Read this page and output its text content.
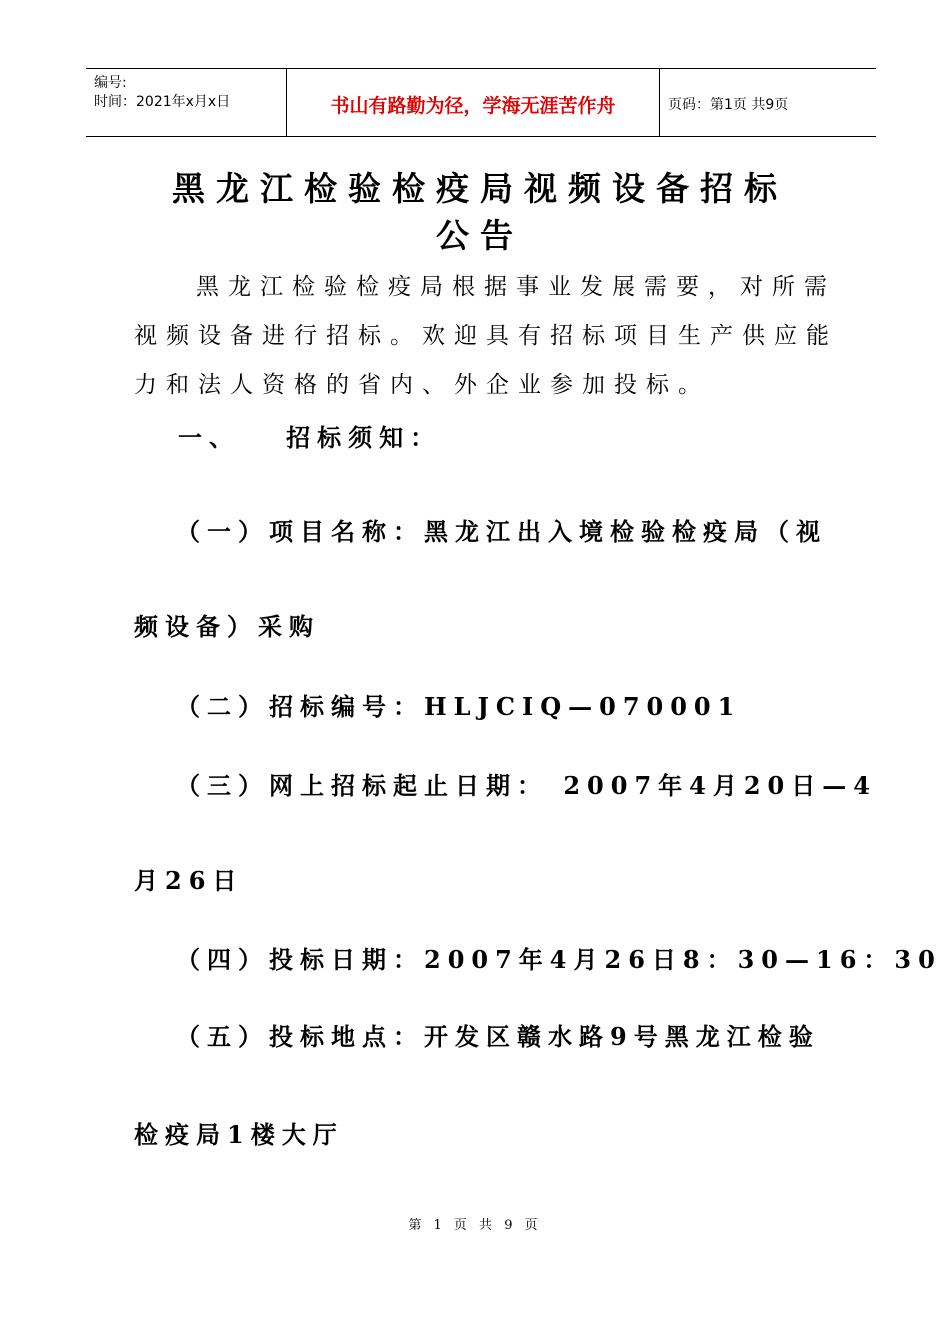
编号:
时间：2021年x月x日	书山有路勤为径，学海无涯苦作舟	页码：第1页 共9页
黑龙江检验检疫局视频设备招标
公告
黑龙江检验检疫局根据事业发展需要，对所需
视频设备进行招标。欢迎具有招标项目生产供应能
力和法人资格的省内、外企业参加投标。
一、   招标须知：
（一）项目名称：黑龙江出入境检验检疫局（视
频设备）采购
（二）招标编号：HLJCIQ—070001
（三）网上招标起止日期： 2007年4月20日—4
月26日
（四）投标日期：2007年4月26日8：30—16：30
（五）投标地点：开发区赣水路9号黑龙江检验
检疫局1楼大厅
第 1 页 共 9 页
